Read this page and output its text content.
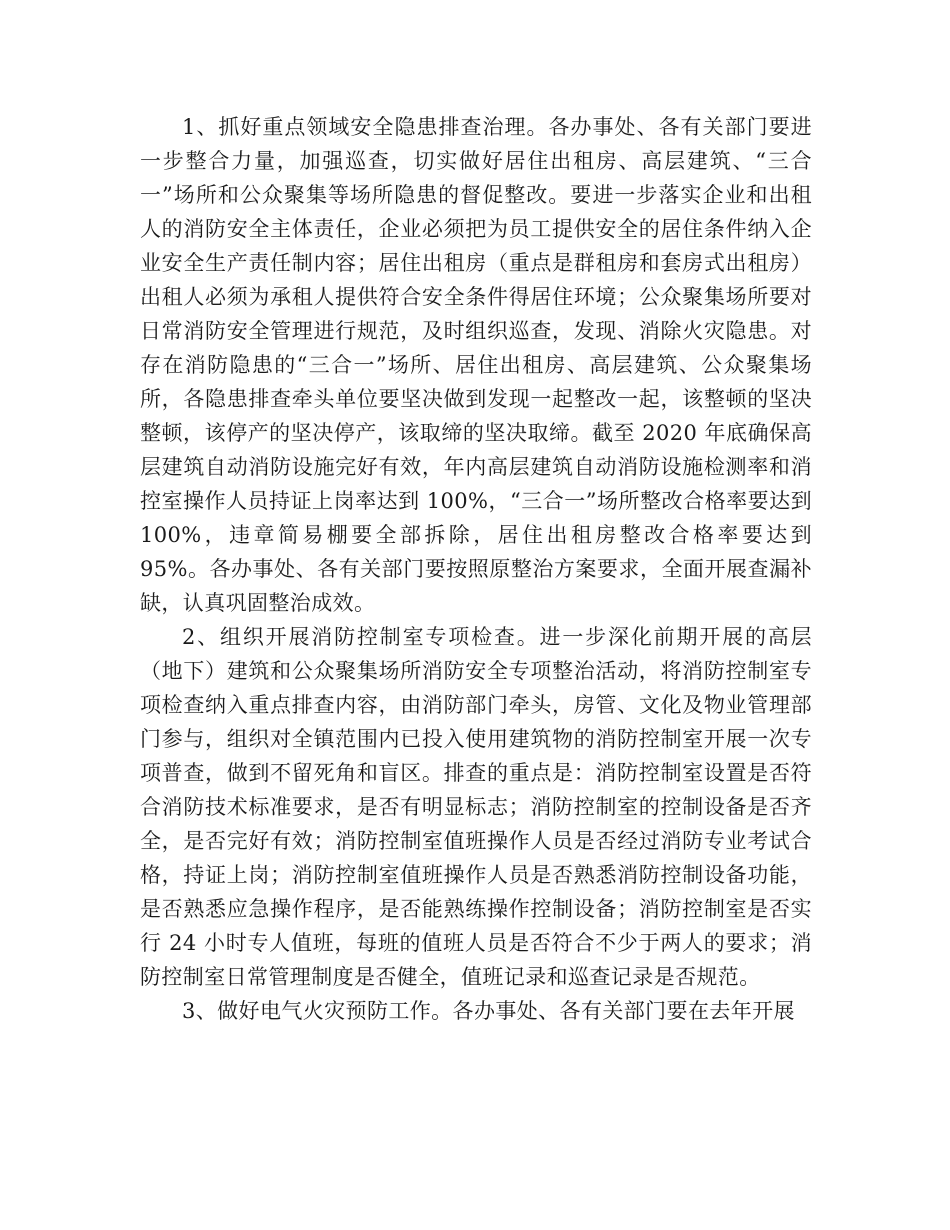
1、抓好重点领域安全隐患排查治理。各办事处、各有关部门要进一步整合力量，加强巡查，切实做好居住出租房、高层建筑、“三合一”场所和公众聚集等场所隐患的督促整改。要进一步落实企业和出租人的消防安全主体责任，企业必须把为员工提供安全的居住条件纳入企业安全生产责任制内容；居住出租房（重点是群租房和套房式出租房）出租人必须为承租人提供符合安全条件得居住环境；公众聚集场所要对日常消防安全管理进行规范，及时组织巡查，发现、消除火灾隐患。对存在消防隐患的“三合一”场所、居住出租房、高层建筑、公众聚集场所，各隐患排查牵头单位要坚决做到发现一起整改一起，该整顿的坚决整顿，该停产的坚决停产，该取缔的坚决取缔。截至 2020 年底确保高层建筑自动消防设施完好有效，年内高层建筑自动消防设施检测率和消控室操作人员持证上岗率达到 100%，“三合一”场所整改合格率要达到 100%，违章简易棚要全部拆除，居住出租房整改合格率要达到 95%。各办事处、各有关部门要按照原整治方案要求，全面开展查漏补缺，认真巩固整治成效。

2、组织开展消防控制室专项检查。进一步深化前期开展的高层（地下）建筑和公众聚集场所消防安全专项整治活动，将消防控制室专项检查纳入重点排查内容，由消防部门牵头，房管、文化及物业管理部门参与，组织对全镇范围内已投入使用建筑物的消防控制室开展一次专项普查，做到不留死角和盲区。排查的重点是：消防控制室设置是否符合消防技术标准要求，是否有明显标志；消防控制室的控制设备是否齐全，是否完好有效；消防控制室值班操作人员是否经过消防专业考试合格，持证上岗；消防控制室值班操作人员是否熟悉消防控制设备功能，是否熟悉应急操作程序，是否能熟练操作控制设备；消防控制室是否实行 24 小时专人值班，每班的值班人员是否符合不少于两人的要求；消防控制室日常管理制度是否健全，值班记录和巡查记录是否规范。

3、做好电气火灾预防工作。各办事处、各有关部门要在去年开展
